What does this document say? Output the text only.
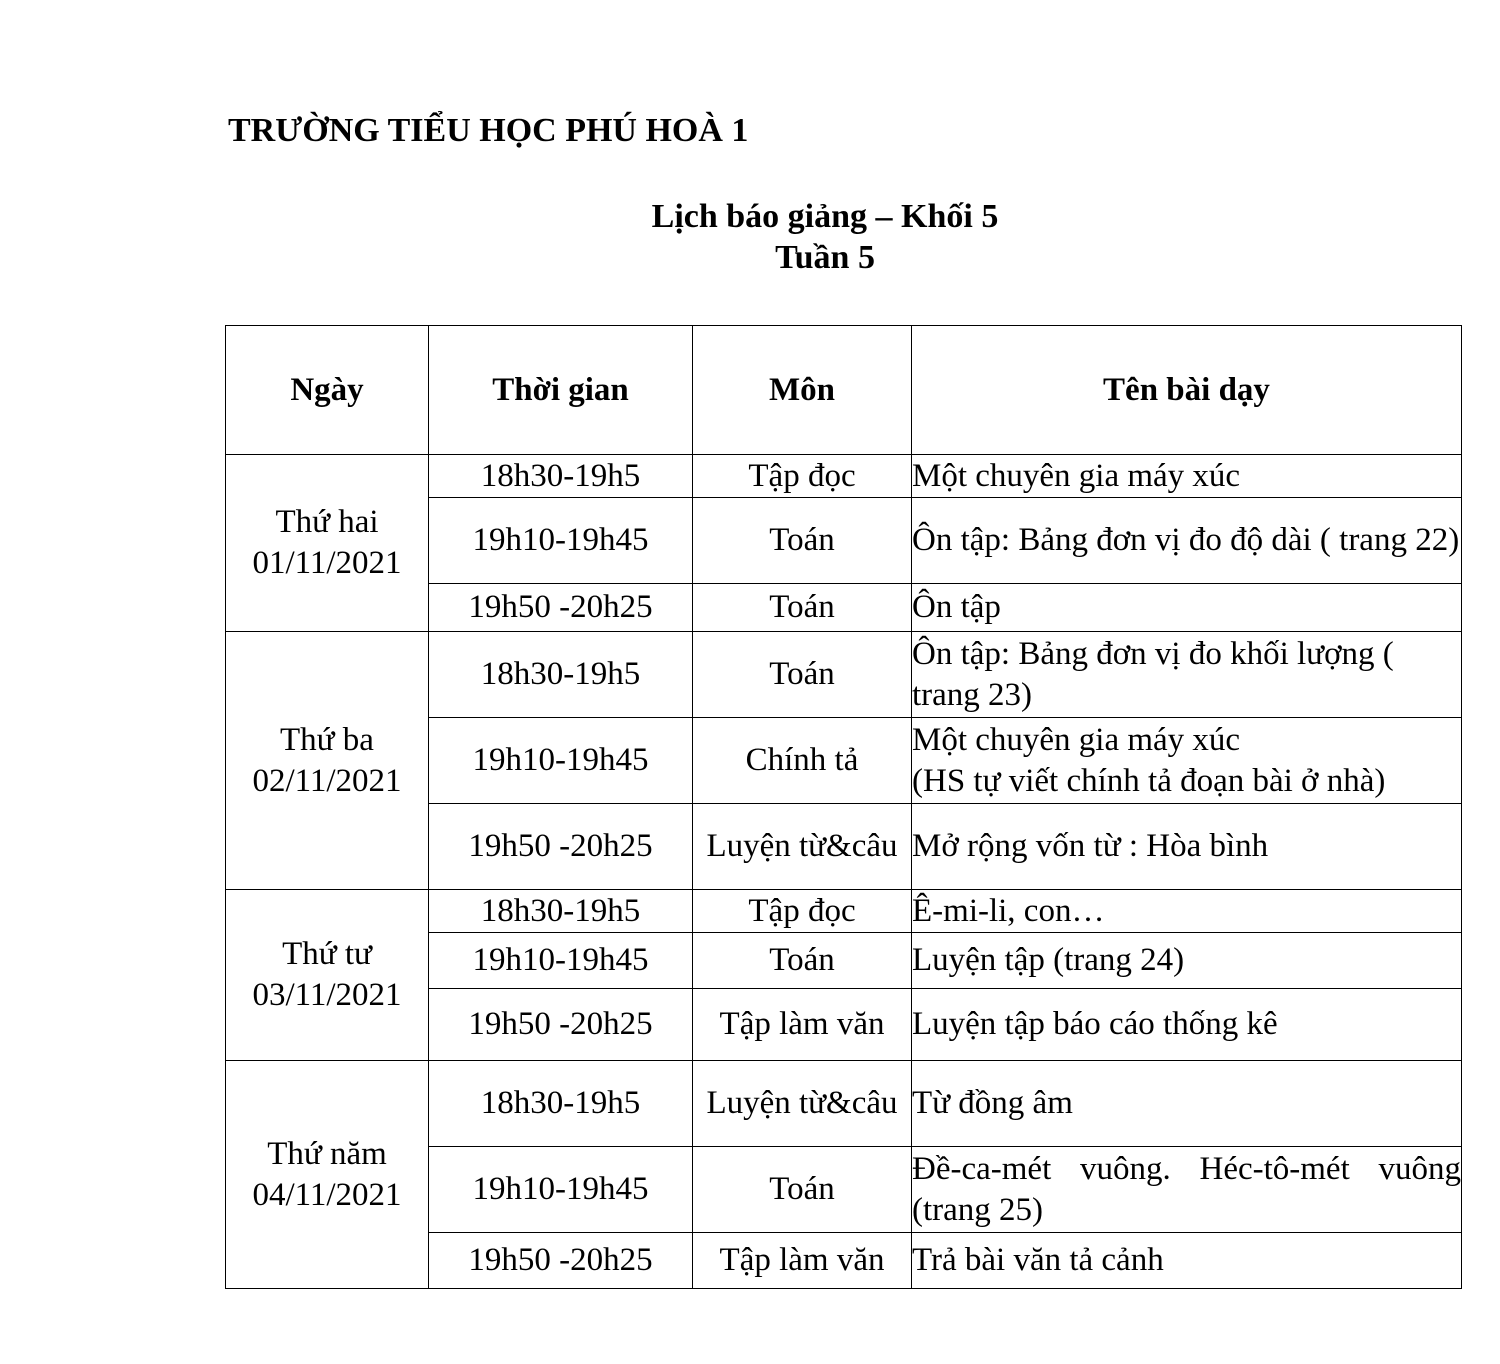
TRƯỜNG TIỂU HỌC PHÚ HOÀ 1
Lịch báo giảng – Khối 5
Tuần 5
Ngày	Thời gian	Môn	Tên bài dạy

Thứ hai
01/11/2021	18h30-19h5	Tập đọc	Một chuyên gia máy xúc
	19h10-19h45	Toán	Ôn tập: Bảng đơn vị đo độ dài ( trang 22)
	19h50 -20h25	Toán	Ôn tập

Thứ ba
02/11/2021	18h30-19h5	Toán	Ôn tập: Bảng đơn vị đo khối lượng ( trang 23)
	19h10-19h45	Chính tả	Một chuyên gia máy xúc
(HS tự viết chính tả đoạn bài ở nhà)

	19h50 -20h25	Luyện từ&câu	Mở rộng vốn từ : Hòa bình

Thứ tư
03/11/2021	18h30-19h5	Tập đọc	Ê-mi-li, con…
	19h10-19h45	Toán	Luyện tập (trang 24)
	19h50 -20h25	Tập làm văn	Luyện tập báo cáo thống kê

Thứ năm
04/11/2021	18h30-19h5	Luyện từ&câu	Từ đồng âm
	19h10-19h45	Toán	Đề-ca-mét vuông. Héc-tô-mét vuông (trang 25)
	19h50 -20h25	Tập làm văn	Trả bài văn tả cảnh
